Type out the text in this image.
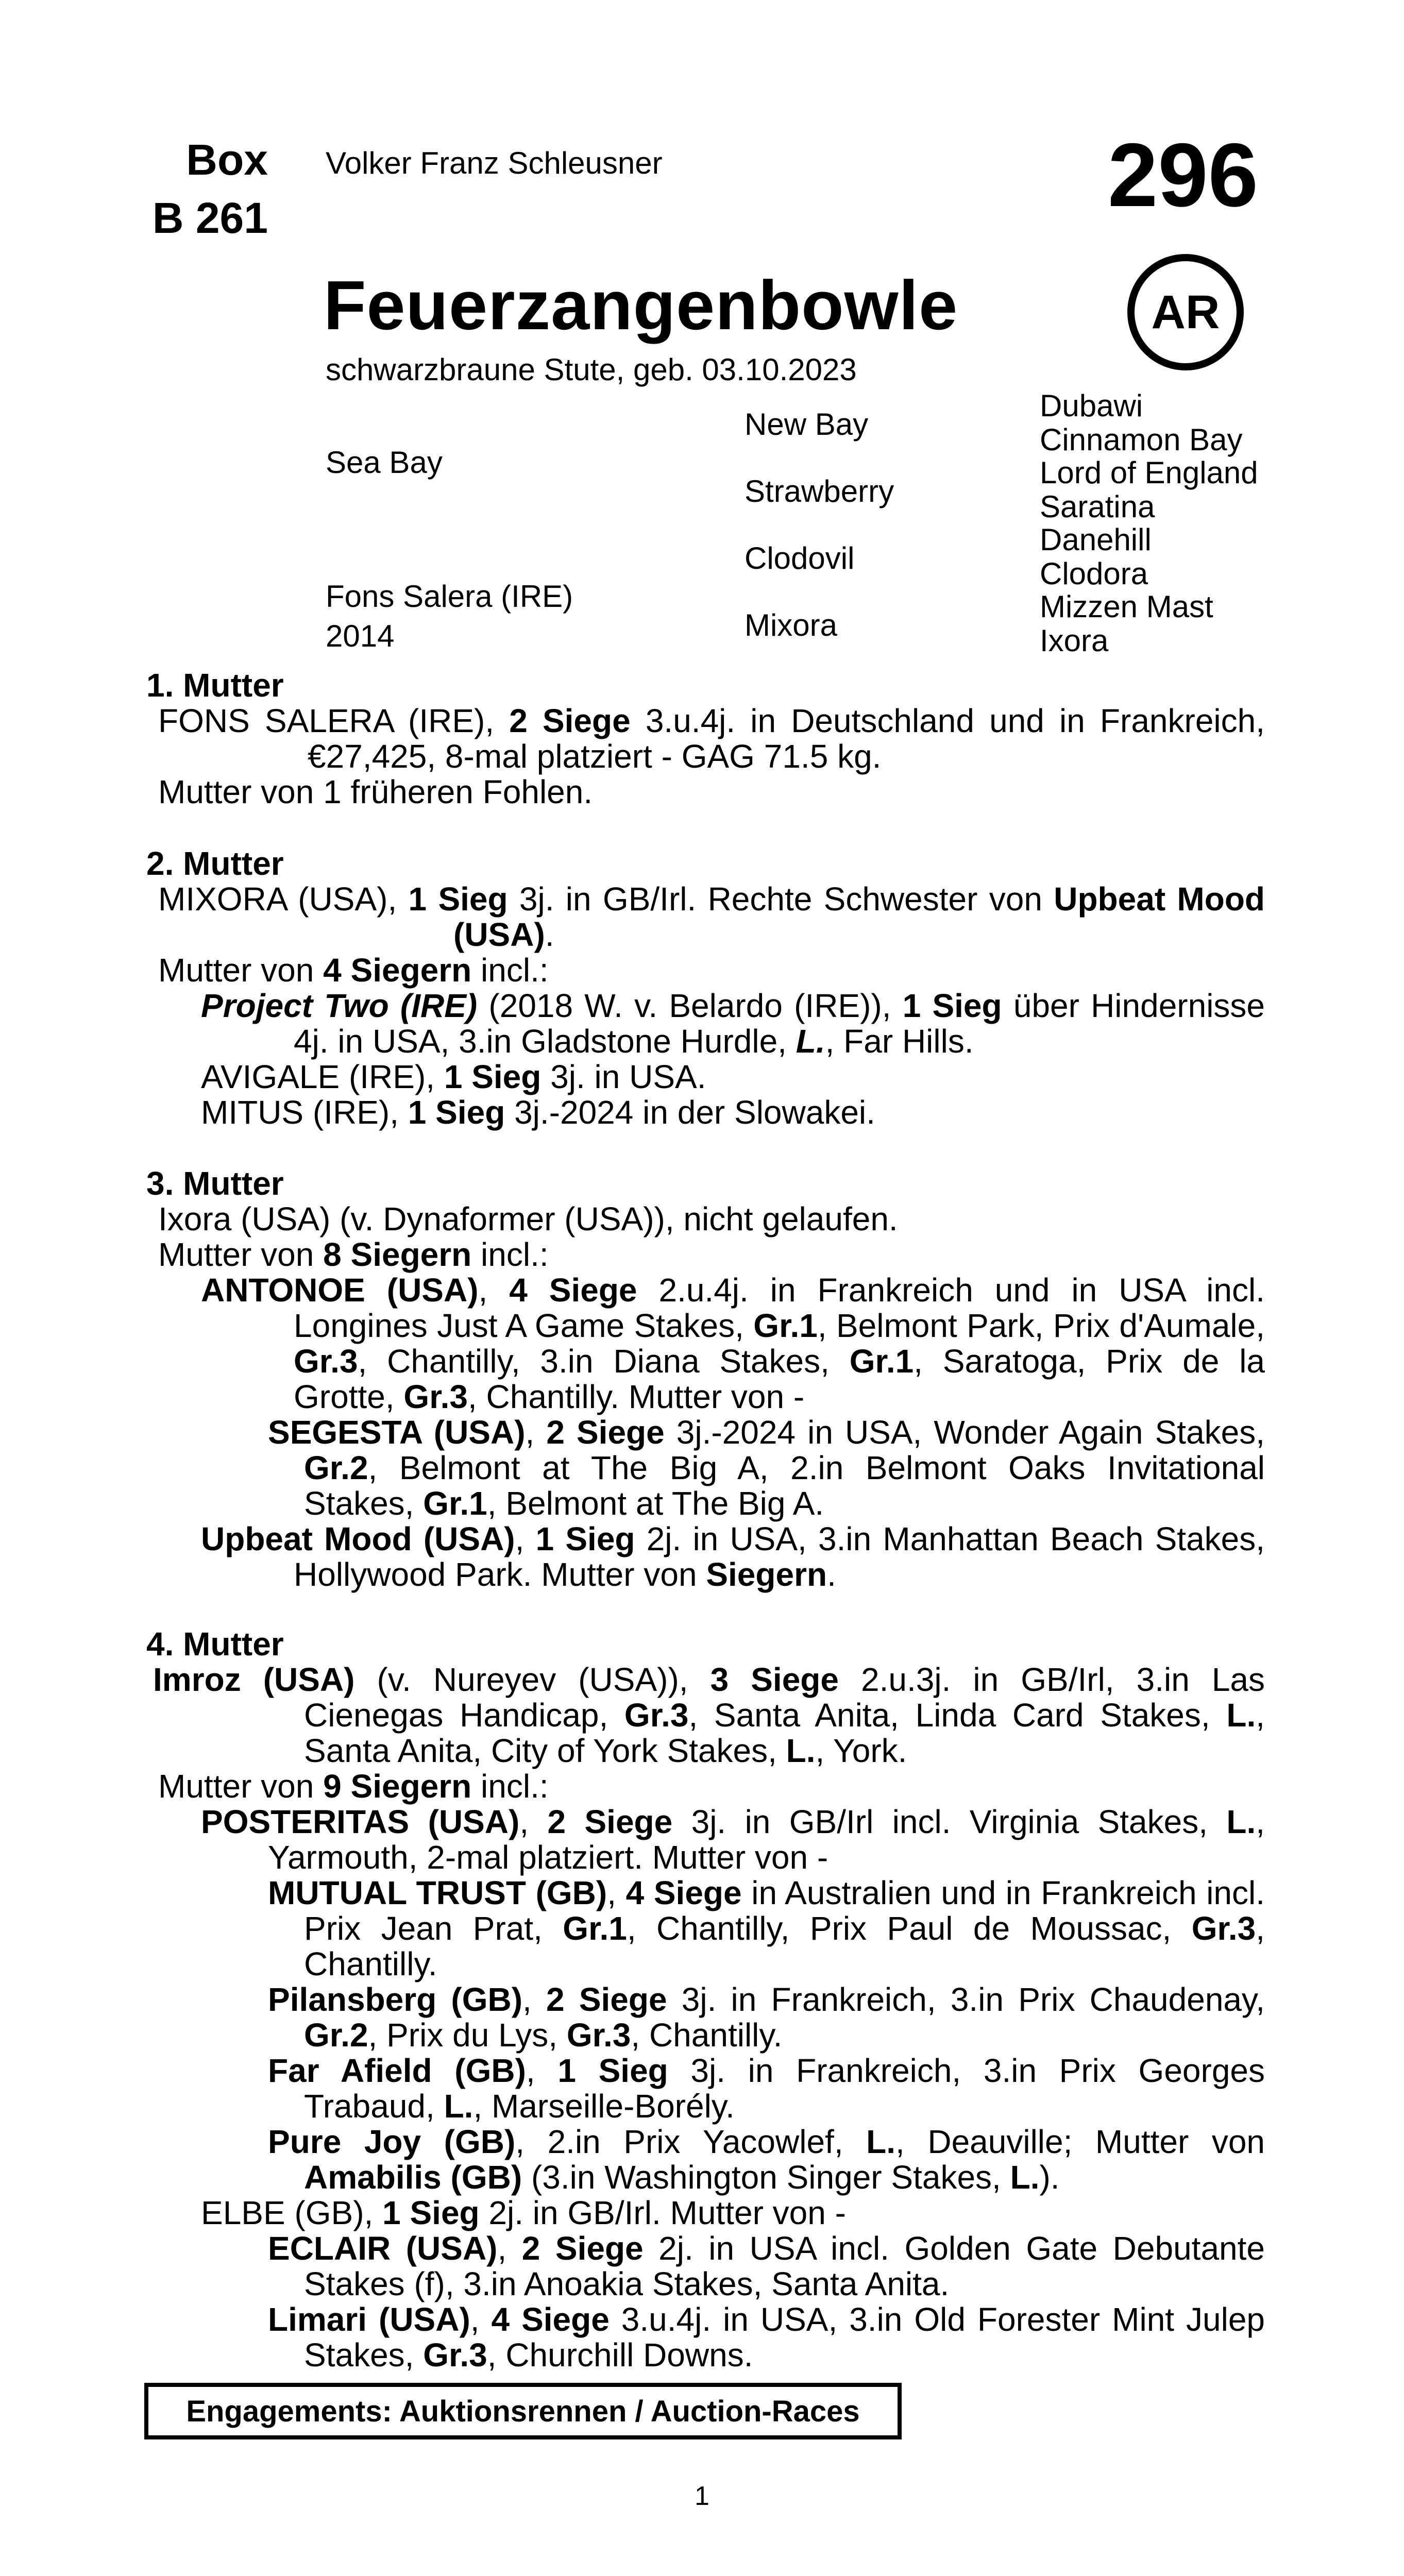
Box
B 261
Volker Franz Schleusner	296
AR
Feuerzangenbowle
schwarzbraune Stute, geb. 03.10.2023
Sea Bay
Fons Salera (IRE)
2014
New Bay
Strawberry
Clodovil
Mixora
Dubawi
Cinnamon Bay
Lord of England
Saratina
Danehill
Clodora
Mizzen Mast
Ixora

1. Mutter

FONS SALERA (IRE), 2 Siege 3.u.4j. in Deutschland und in Frankreich, €27,425, 8-mal platziert - GAG 71.5 kg.

Mutter von 1 früheren Fohlen.

2. Mutter

MIXORA (USA), 1 Sieg 3j. in GB/Irl. Rechte Schwester von Upbeat Mood (USA).

Mutter von 4 Siegern incl.:

Project Two (IRE) (2018 W. v. Belardo (IRE)), 1 Sieg über Hindernisse 4j. in USA, 3.in Gladstone Hurdle, L., Far Hills.

AVIGALE (IRE), 1 Sieg 3j. in USA.

MITUS (IRE), 1 Sieg 3j.-2024 in der Slowakei.

3. Mutter

Ixora (USA) (v. Dynaformer (USA)), nicht gelaufen.

Mutter von 8 Siegern incl.:

ANTONOE (USA), 4 Siege 2.u.4j. in Frankreich und in USA incl. Longines Just A Game Stakes, Gr.1, Belmont Park, Prix d'Aumale, Gr.3, Chantilly, 3.in Diana Stakes, Gr.1, Saratoga, Prix de la Grotte, Gr.3, Chantilly. Mutter von -

SEGESTA (USA), 2 Siege 3j.-2024 in USA, Wonder Again Stakes, Gr.2, Belmont at The Big A, 2.in Belmont Oaks Invitational Stakes, Gr.1, Belmont at The Big A.

Upbeat Mood (USA), 1 Sieg 2j. in USA, 3.in Manhattan Beach Stakes, Hollywood Park. Mutter von Siegern.

4. Mutter

Imroz (USA) (v. Nureyev (USA)), 3 Siege 2.u.3j. in GB/Irl, 3.in Las Cienegas Handicap, Gr.3, Santa Anita, Linda Card Stakes, L., Santa Anita, City of York Stakes, L., York.

Mutter von 9 Siegern incl.:

POSTERITAS (USA), 2 Siege 3j. in GB/Irl incl. Virginia Stakes, L., Yarmouth, 2-mal platziert. Mutter von -

MUTUAL TRUST (GB), 4 Siege in Australien und in Frankreich incl. Prix Jean Prat, Gr.1, Chantilly, Prix Paul de Moussac, Gr.3, Chantilly.

Pilansberg (GB), 2 Siege 3j. in Frankreich, 3.in Prix Chaudenay, Gr.2, Prix du Lys, Gr.3, Chantilly.

Far Afield (GB), 1 Sieg 3j. in Frankreich, 3.in Prix Georges Trabaud, L., Marseille-Borély.

Pure Joy (GB), 2.in Prix Yacowlef, L., Deauville; Mutter von Amabilis (GB) (3.in Washington Singer Stakes, L.).

ELBE (GB), 1 Sieg 2j. in GB/Irl. Mutter von -

ECLAIR (USA), 2 Siege 2j. in USA incl. Golden Gate Debutante Stakes (f), 3.in Anoakia Stakes, Santa Anita.

Limari (USA), 4 Siege 3.u.4j. in USA, 3.in Old Forester Mint Julep Stakes, Gr.3, Churchill Downs.

Engagements: Auktionsrennen / Auction-Races
1
